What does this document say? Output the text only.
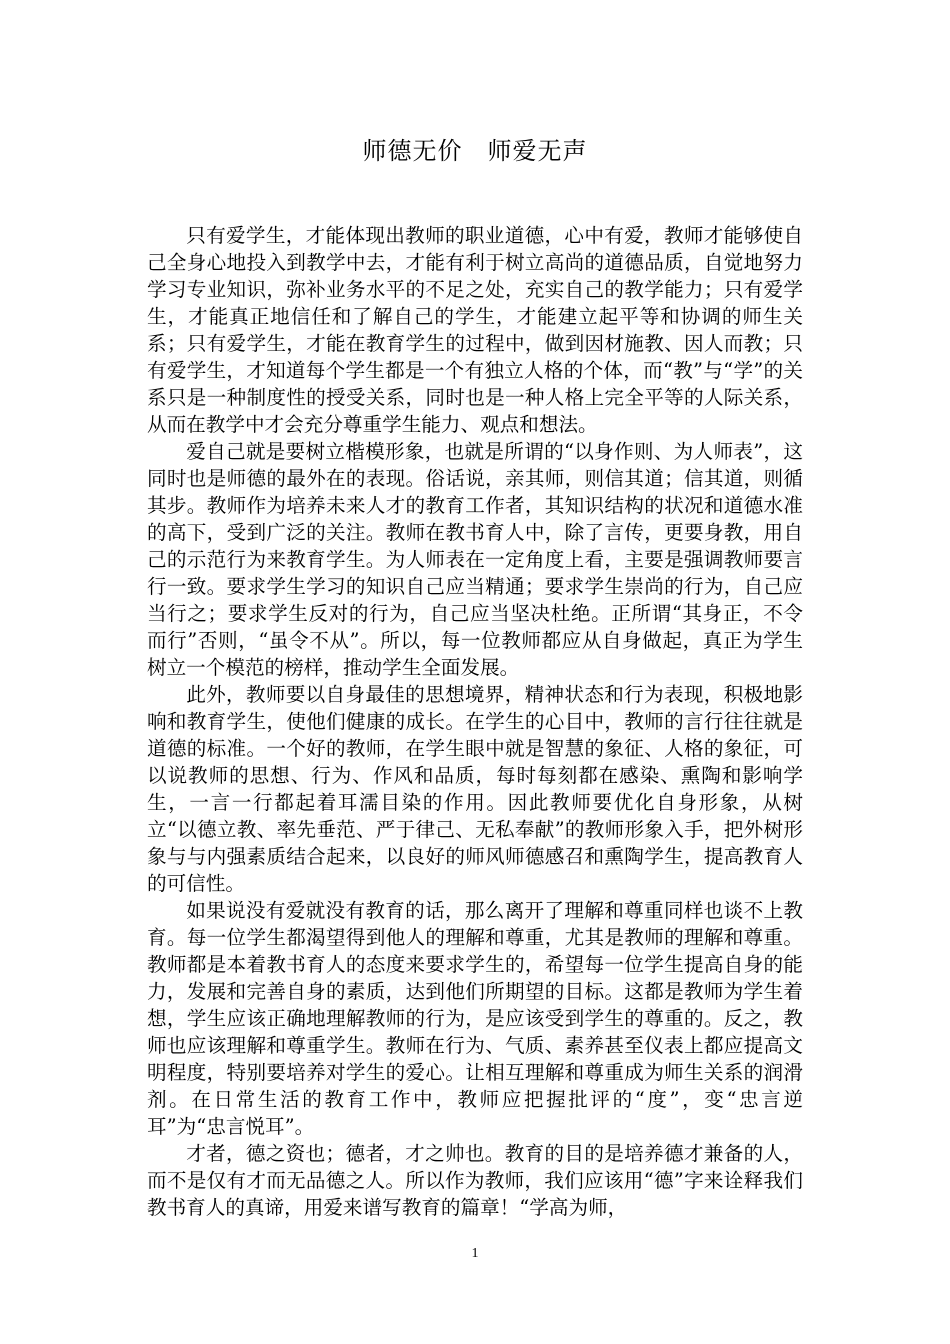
师德无价　师爱无声

只有爱学生，才能体现出教师的职业道德，心中有爱，教师才能够使自己全身心地投入到教学中去，才能有利于树立高尚的道德品质，自觉地努力学习专业知识，弥补业务水平的不足之处，充实自己的教学能力；只有爱学生，才能真正地信任和了解自己的学生，才能建立起平等和协调的师生关系；只有爱学生，才能在教育学生的过程中，做到因材施教、因人而教；只有爱学生，才知道每个学生都是一个有独立人格的个体，而“教”与“学”的关系只是一种制度性的授受关系，同时也是一种人格上完全平等的人际关系，从而在教学中才会充分尊重学生能力、观点和想法。

爱自己就是要树立楷模形象，也就是所谓的“以身作则、为人师表”，这同时也是师德的最外在的表现。俗话说，亲其师，则信其道；信其道，则循其步。教师作为培养未来人才的教育工作者，其知识结构的状况和道德水准的高下，受到广泛的关注。教师在教书育人中，除了言传，更要身教，用自己的示范行为来教育学生。为人师表在一定角度上看，主要是强调教师要言行一致。要求学生学习的知识自己应当精通；要求学生崇尚的行为，自己应当行之；要求学生反对的行为，自己应当坚决杜绝。正所谓“其身正，不令而行”否则，“虽令不从”。所以，每一位教师都应从自身做起，真正为学生树立一个模范的榜样，推动学生全面发展。

此外，教师要以自身最佳的思想境界，精神状态和行为表现，积极地影响和教育学生，使他们健康的成长。在学生的心目中，教师的言行往往就是道德的标准。一个好的教师，在学生眼中就是智慧的象征、人格的象征，可以说教师的思想、行为、作风和品质，每时每刻都在感染、熏陶和影响学生，一言一行都起着耳濡目染的作用。因此教师要优化自身形象，从树立“以德立教、率先垂范、严于律己、无私奉献”的教师形象入手，把外树形象与与内强素质结合起来，以良好的师风师德感召和熏陶学生，提高教育人的可信性。

如果说没有爱就没有教育的话，那么离开了理解和尊重同样也谈不上教育。每一位学生都渴望得到他人的理解和尊重，尤其是教师的理解和尊重。教师都是本着教书育人的态度来要求学生的，希望每一位学生提高自身的能力，发展和完善自身的素质，达到他们所期望的目标。这都是教师为学生着想，学生应该正确地理解教师的行为，是应该受到学生的尊重的。反之，教师也应该理解和尊重学生。教师在行为、气质、素养甚至仪表上都应提高文明程度，特别要培养对学生的爱心。让相互理解和尊重成为师生关系的润滑剂。在日常生活的教育工作中，教师应把握批评的“度”，变“忠言逆耳”为“忠言悦耳”。

才者，德之资也；德者，才之帅也。教育的目的是培养德才兼备的人，而不是仅有才而无品德之人。所以作为教师，我们应该用“德”字来诠释我们教书育人的真谛，用爱来谱写教育的篇章！“学高为师，

1
